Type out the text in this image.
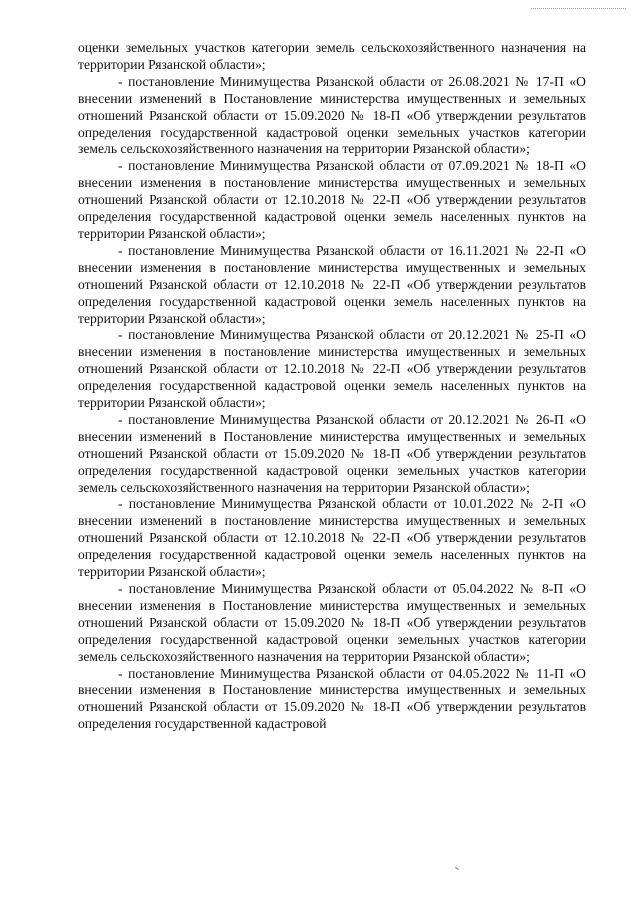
оценки земельных участков категории земель сельскохозяйственного назначения на территории Рязанской области»;

- постановление Минимущества Рязанской области от 26.08.2021 № 17-П «О внесении изменений в Постановление министерства имущественных и земельных отношений Рязанской области от 15.09.2020 № 18-П «Об утверждении результатов определения государственной кадастровой оценки земельных участков категории земель сельскохозяйственного назначения на территории Рязанской области»;

- постановление Минимущества Рязанской области от 07.09.2021 № 18-П «О внесении изменения в постановление министерства имущественных и земельных отношений Рязанской области от 12.10.2018 № 22-П «Об утверждении результатов определения государственной кадастровой оценки земель населенных пунктов на территории Рязанской области»;

- постановление Минимущества Рязанской области от 16.11.2021 № 22-П «О внесении изменения в постановление министерства имущественных и земельных отношений Рязанской области от 12.10.2018 № 22-П «Об утверждении результатов определения государственной кадастровой оценки земель населенных пунктов на территории Рязанской области»;

- постановление Минимущества Рязанской области от 20.12.2021 № 25-П «О внесении изменения в постановление министерства имущественных и земельных отношений Рязанской области от 12.10.2018 № 22-П «Об утверждении результатов определения государственной кадастровой оценки земель населенных пунктов на территории Рязанской области»;

- постановление Минимущества Рязанской области от 20.12.2021 № 26-П «О внесении изменений в Постановление министерства имущественных и земельных отношений Рязанской области от 15.09.2020 № 18-П «Об утверждении результатов определения государственной кадастровой оценки земельных участков категории земель сельскохозяйственного назначения на территории Рязанской области»;

- постановление Минимущества Рязанской области от 10.01.2022 № 2-П «О внесении изменений в постановление министерства имущественных и земельных отношений Рязанской области от 12.10.2018 № 22-П «Об утверждении результатов определения государственной кадастровой оценки земель населенных пунктов на территории Рязанской области»;

- постановление Минимущества Рязанской области от 05.04.2022 № 8-П «О внесении изменения в Постановление министерства имущественных и земельных отношений Рязанской области от 15.09.2020 № 18-П «Об утверждении результатов определения государственной кадастровой оценки земельных участков категории земель сельскохозяйственного назначения на территории Рязанской области»;

- постановление Минимущества Рязанской области от 04.05.2022 № 11-П «О внесении изменения в Постановление министерства имущественных и земельных отношений Рязанской области от 15.09.2020 № 18-П «Об утверждении результатов определения государственной кадастровой
